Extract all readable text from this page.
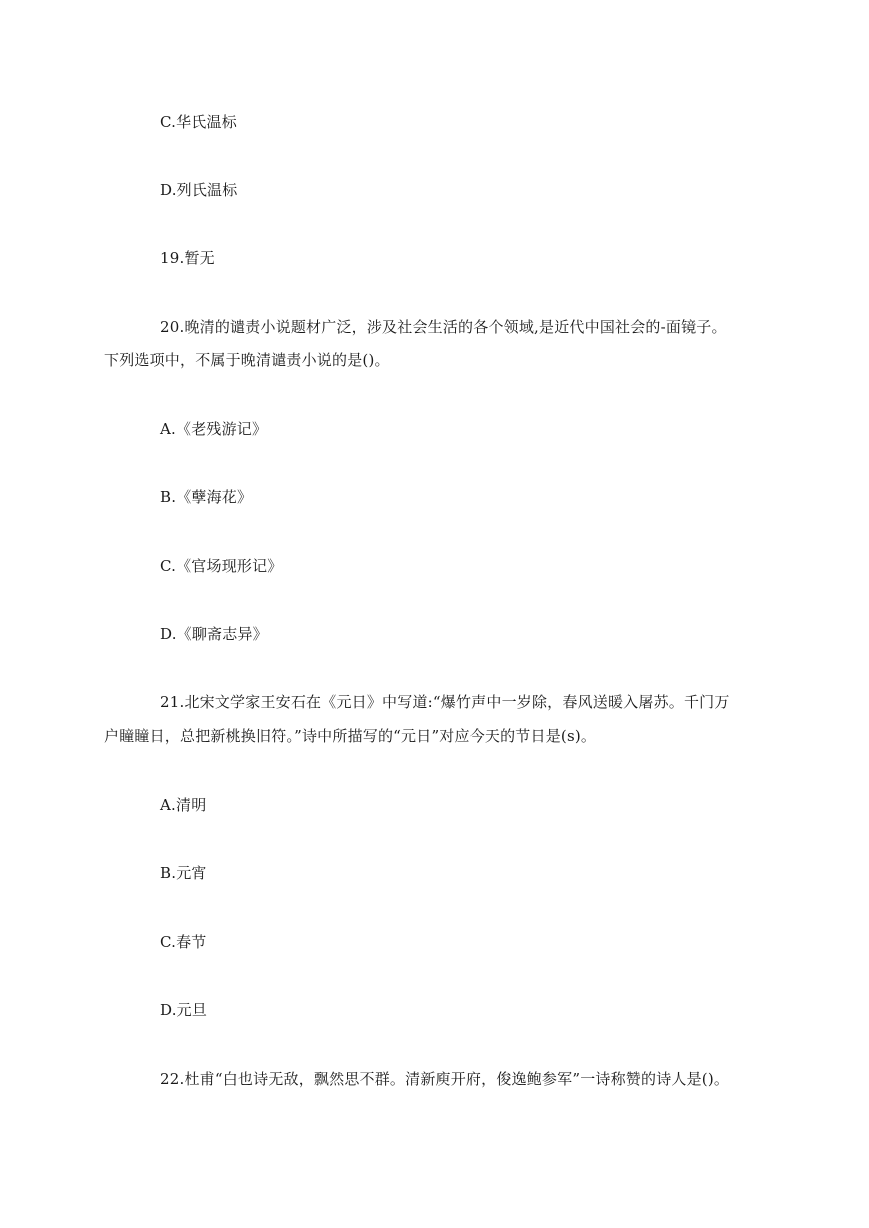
C.华氏温标
D.列氏温标
19.暂无
20.晚清的谴责小说题材广泛，涉及社会生活的各个领域,是近代中国社会的-面镜子。
下列选项中，不属于晚清谴责小说的是()。
A.《老残游记》
B.《孽海花》
C.《官场现形记》
D.《聊斋志异》
21.北宋文学家王安石在《元日》中写道:“爆竹声中一岁除，春风送暖入屠苏。千门万
户瞳瞳日，总把新桃换旧符。”诗中所描写的“元日”对应今天的节日是(s)。
A.清明
B.元宵
C.春节
D.元旦
22.杜甫“白也诗无敌，飘然思不群。清新庾开府，俊逸鲍参军”一诗称赞的诗人是()。
